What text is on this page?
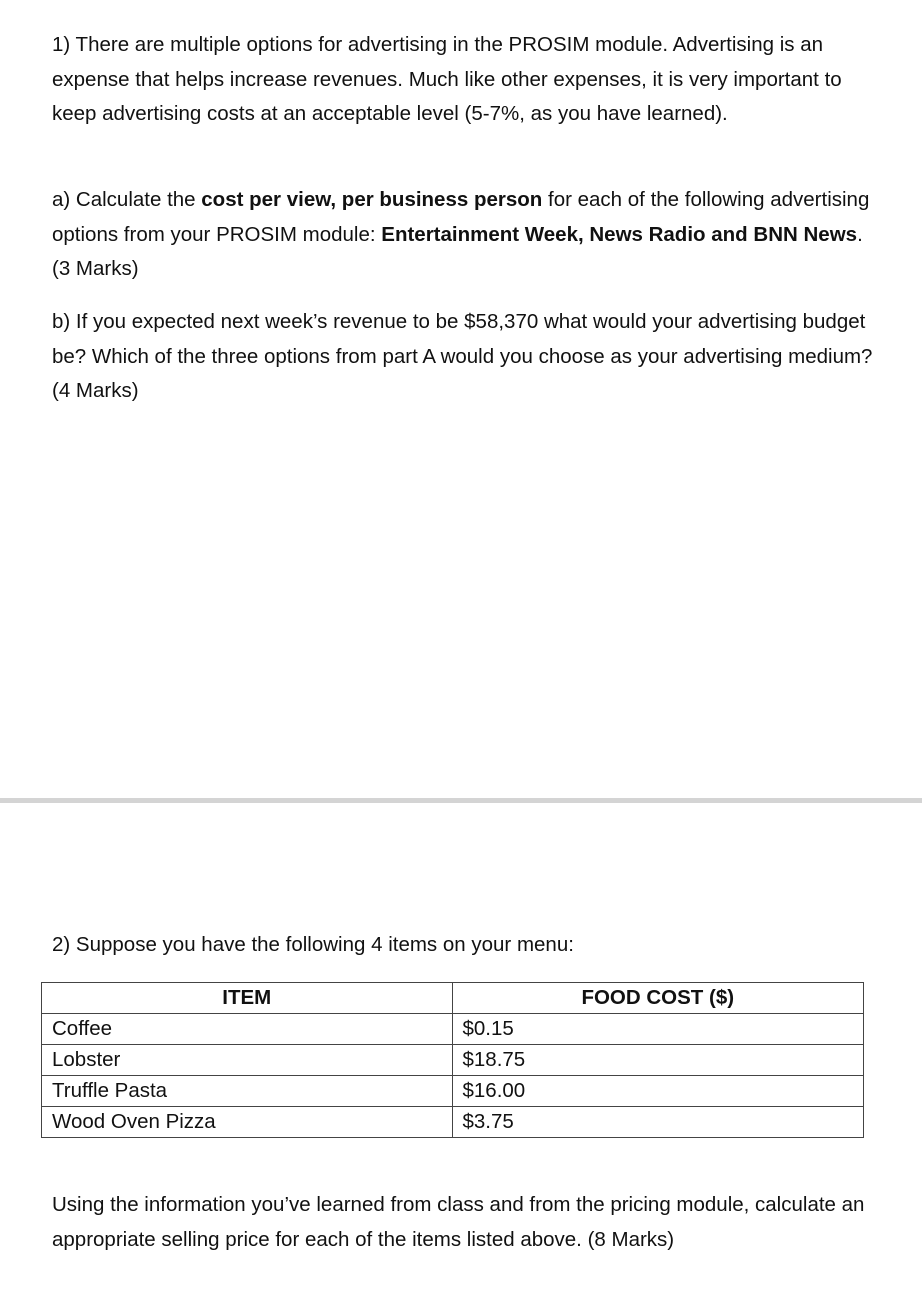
1) There are multiple options for advertising in the PROSIM module. Advertising is an expense that helps increase revenues. Much like other expenses, it is very important to keep advertising costs at an acceptable level (5-7%, as you have learned).

a) Calculate the cost per view, per business person for each of the following advertising options from your PROSIM module: Entertainment Week, News Radio and BNN News. (3 Marks)

b) If you expected next week’s revenue to be $58,370 what would your advertising budget be? Which of the three options from part A would you choose as your advertising medium? (4 Marks)

2) Suppose you have the following 4 items on your menu:

ITEM	FOOD COST ($)
Coffee	$0.15
Lobster	$18.75
Truffle Pasta	$16.00
Wood Oven Pizza	$3.75

Using the information you’ve learned from class and from the pricing module, calculate an appropriate selling price for each of the items listed above. (8 Marks)
